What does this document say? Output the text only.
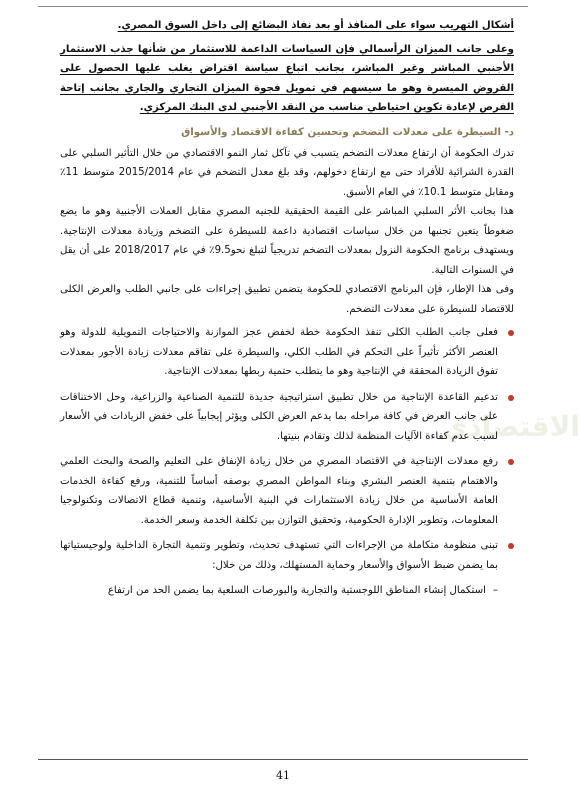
الاقتصادي

أشكال التهريب سواء على المنافذ أو بعد نفاذ البضائع إلى داخل السوق المصري.

وعلى جانب الميزان الرأسمالي فإن السياسات الداعمة للاستثمار من شأنها جذب الاستثمار الأجنبي المباشر وغير المباشر، بجانب اتباع سياسة اقتراض يغلب عليها الحصول على القروض الميسرة وهو ما سيسهم في تمويل فجوة الميزان التجاري والجاري بجانب إتاحة الفرص لإعادة تكوين احتياطي مناسب من النقد الأجنبي لدى البنك المركزي.

د- السيطرة على معدلات التضخم وتحسين كفاءة الاقتصاد والأسواق

تدرك الحكومة أن ارتفاع معدلات التضخم يتسبب في تآكل ثمار النمو الاقتصادي من خلال التأثير السلبي على القدرة الشرائية للأفراد حتى مع ارتفاع دخولهم، وقد بلغ معدل التضخم في عام 2015/2014 متوسط 11٪ ومقابل متوسط 10.1٪ في العام الأسبق.

هذا بجانب الأثر السلبي المباشر على القيمة الحقيقية للجنيه المصري مقابل العملات الأجنبية وهو ما يضع ضغوطاً يتعين تجنبها من خلال سياسات اقتصادية داعمة للسيطرة على التضخم وزيادة معدلات الإنتاجية. ويستهدف برنامج الحكومة النزول بمعدلات التضخم تدريجياً لتبلغ نحو9.5٪ في عام 2018/2017 على أن يقل في السنوات التالية.

وفى هذا الإطار، فإن البرنامج الاقتصادي للحكومة يتضمن تطبيق إجراءات على جانبي الطلب والعرض الكلى للاقتصاد للسيطرة على معدلات التضخم.

فعلى جانب الطلب الكلى تنفذ الحكومة خطة لخفض عجز الموازنة والاحتياجات التمويلية للدولة وهو العنصر الأكثر تأثيراً على التحكم في الطلب الكلي، والسيطرة على تفاقم معدلات زيادة الأجور بمعدلات تفوق الزيادة المحققة في الإنتاجية وهو ما يتطلب حتمية ربطها بمعدلات الإنتاجية.
تدعيم القاعدة الإنتاجية من خلال تطبيق استراتيجية جديدة للتنمية الصناعية والزراعية، وحل الاختناقات على جانب العرض في كافة مراحله بما يدعم العرض الكلى ويؤثر إيجابياً على خفض الزيادات في الأسعار لسبب عدم كفاءة الآليات المنظمة لذلك وتقادم بنيتها.
رفع معدلات الإنتاجية في الاقتصاد المصري من خلال زيادة الإنفاق على التعليم والصحة والبحث العلمي والاهتمام بتنمية العنصر البشري وبناء المواطن المصري بوصفه أساساً للتنمية، ورفع كفاءة الخدمات العامة الأساسية من خلال زيادة الاستثمارات في البنية الأساسية، وتنمية قطاع الاتصالات وتكنولوجيا المعلومات، وتطوير الإدارة الحكومية، وتحقيق التوازن بين تكلفة الخدمة وسعر الخدمة.
تبنى منظومة متكاملة من الإجراءات التي تستهدف تحديث، وتطوير وتنمية التجارة الداخلية ولوجيستياتها بما يضمن ضبط الأسواق والأسعار وحماية المستهلك، وذلك من خلال:
–
استكمال إنشاء المناطق اللوجستية والتجارية والبورصات السلعية بما يضمن الحد من ارتفاع
41
